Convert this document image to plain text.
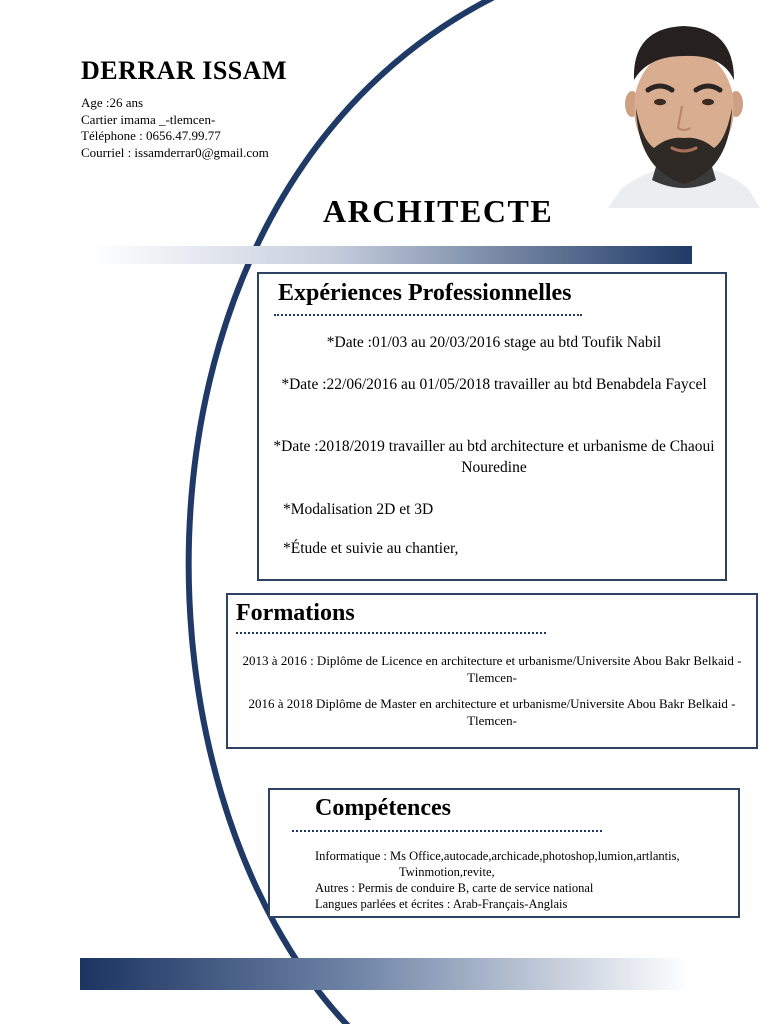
DERRAR ISSAM
Age :26 ans
Cartier imama _-tlemcen-
Téléphone : 0656.47.99.77
Courriel : issamderrar0@gmail.com
ARCHITECTE
Expériences Professionnelles
*Date :01/03 au 20/03/2016 stage au btd Toufik Nabil
*Date :22/06/2016 au 01/05/2018 travailler au btd Benabdela Faycel
*Date :2018/2019 travailler au btd architecture et urbanisme de Chaoui Nouredine
*Modalisation 2D et 3D
*Étude et suivie au chantier,
Formations
2013 à 2016 : Diplôme de Licence en architecture et urbanisme/Universite Abou Bakr Belkaid -Tlemcen-
2016 à 2018 Diplôme de Master en architecture et urbanisme/Universite Abou Bakr Belkaid -Tlemcen-
Compétences
Informatique : Ms Office,autocade,archicade,photoshop,lumion,artlantis,
Twinmotion,revite,
Autres : Permis de conduire B, carte de service national
Langues parlées et écrites : Arab-Français-Anglais
